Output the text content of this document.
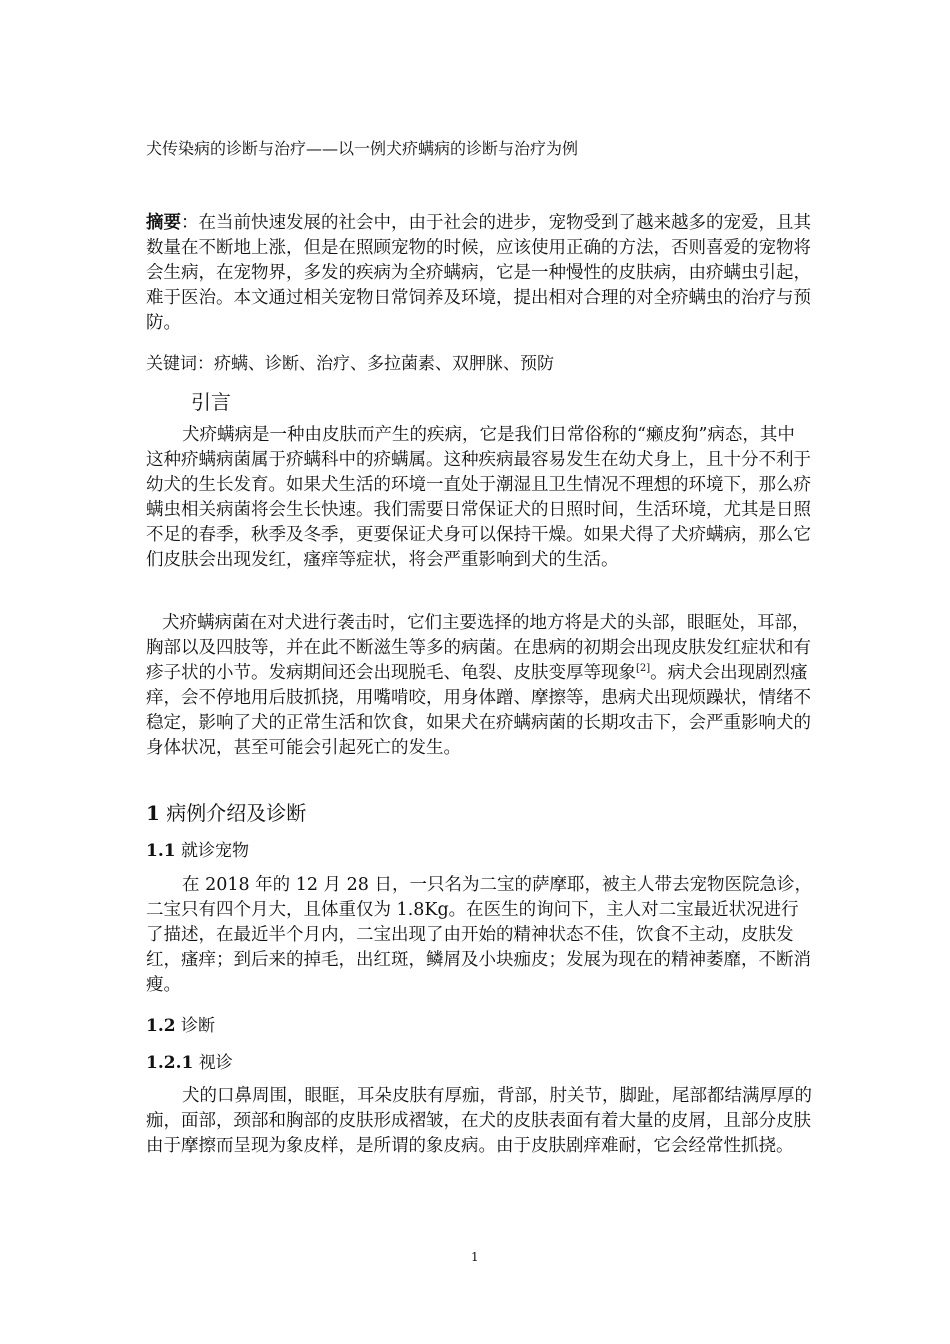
犬传染病的诊断与治疗——以一例犬疥螨病的诊断与治疗为例
摘要：在当前快速发展的社会中，由于社会的进步，宠物受到了越来越多的宠爱，且其数量在不断地上涨，但是在照顾宠物的时候，应该使用正确的方法，否则喜爱的宠物将会生病，在宠物界，多发的疾病为全疥螨病，它是一种慢性的皮肤病，由疥螨虫引起，难于医治。本文通过相关宠物日常饲养及环境，提出相对合理的对全疥螨虫的治疗与预防。
关键词：疥螨、诊断、治疗、多拉菌素、双胛脒、预防
引言
犬疥螨病是一种由皮肤而产生的疾病，它是我们日常俗称的“癞皮狗”病态，其中这种疥螨病菌属于疥螨科中的疥螨属。这种疾病最容易发生在幼犬身上，且十分不利于幼犬的生长发育。如果犬生活的环境一直处于潮湿且卫生情况不理想的环境下，那么疥螨虫相关病菌将会生长快速。我们需要日常保证犬的日照时间，生活环境，尤其是日照不足的春季，秋季及冬季，更要保证犬身可以保持干燥。如果犬得了犬疥螨病，那么它们皮肤会出现发红，瘙痒等症状，将会严重影响到犬的生活。
犬疥螨病菌在对犬进行袭击时，它们主要选择的地方将是犬的头部，眼眶处，耳部，胸部以及四肢等，并在此不断滋生等多的病菌。在患病的初期会出现皮肤发红症状和有疹子状的小节。发病期间还会出现脱毛、龟裂、皮肤变厚等现象[2]。病犬会出现剧烈瘙痒，会不停地用后肢抓挠，用嘴啃咬，用身体蹭、摩擦等，患病犬出现烦躁状，情绪不稳定，影响了犬的正常生活和饮食，如果犬在疥螨病菌的长期攻击下，会严重影响犬的身体状况，甚至可能会引起死亡的发生。
1 病例介绍及诊断
1.1 就诊宠物
在 2018 年的 12 月 28 日，一只名为二宝的萨摩耶，被主人带去宠物医院急诊，二宝只有四个月大，且体重仅为 1.8Kg。在医生的询问下，主人对二宝最近状况进行了描述，在最近半个月内，二宝出现了由开始的精神状态不佳，饮食不主动，皮肤发红，瘙痒；到后来的掉毛，出红斑，鳞屑及小块痂皮；发展为现在的精神萎靡，不断消瘦。
1.2 诊断
1.2.1 视诊
犬的口鼻周围，眼眶，耳朵皮肤有厚痂，背部，肘关节，脚趾，尾部都结满厚厚的痂，面部，颈部和胸部的皮肤形成褶皱，在犬的皮肤表面有着大量的皮屑，且部分皮肤由于摩擦而呈现为象皮样，是所谓的象皮病。由于皮肤剧痒难耐，它会经常性抓挠。
1
